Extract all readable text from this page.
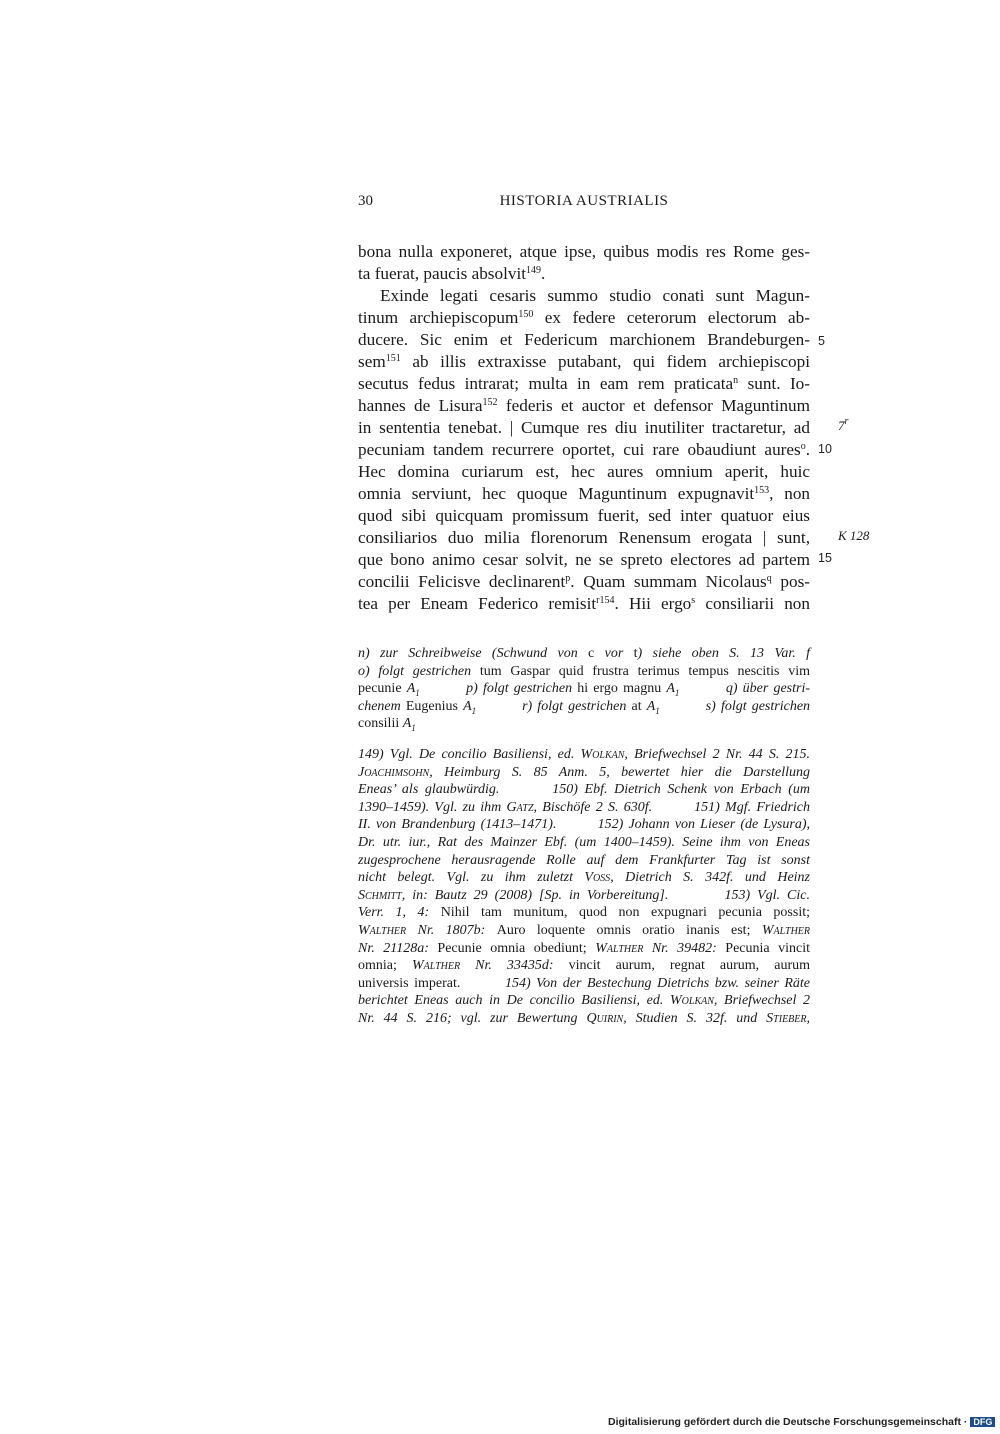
30	HISTORIA AUSTRIALIS
bona nulla exponeret, atque ipse, quibus modis res Rome ges-
ta fuerat, paucis absolvit$^{149}$.
Exinde legati cesaris summo studio conati sunt Magun-
tinum archiepiscopum$^{150}$ ex federe ceterorum electorum ab-
ducere. Sic enim et Federicum marchionem Brandeburgen-
sem$^{151}$ ab illis extraxisse putabant, qui fidem archiepiscopi
secutus fedus intrarat; multa in eam rem praticata$^n$ sunt. Io-
hannes de Lisura$^{152}$ federis et auctor et defensor Maguntinum
in sententia tenebat. | Cumque res diu inutiliter tractaretur, ad
pecuniam tandem recurrere oportet, cui rare obaudiunt aures$^o$.
Hec domina curiarum est, hec aures omnium aperit, huic
omnia serviunt, hec quoque Maguntinum expugnavit$^{153}$, non
quod sibi quicquam promissum fuerit, sed inter quatuor eius
consiliarios duo milia florenorum Renensum erogata | sunt,
que bono animo cesar solvit, ne se spreto electores ad partem
concilii Felicisve declinarent$^p$. Quam summam Nicolaus$^q$ pos-
tea per Eneam Federico remisit$^{r154}$. Hii ergo$^s$ consiliarii non
5
10
15
7$^r$
K 128
n) zur Schreibweise (Schwund von c vor t) siehe oben S. 13 Var. f
o) folgt gestrichen tum Gaspar quid frustra terimus tempus nescitis vim
pecunie $A_1$	p) folgt gestrichen hi ergo magnu $A_1$	q) über gestri-
chenem Eugenius $A_1$	r) folgt gestrichen at $A_1$	s) folgt gestrichen
consilii $A_1$
149) Vgl. De concilio Basiliensi, ed. Wolkan, Briefwechsel 2 Nr. 44 S. 215.
Joachimsohn, Heimburg S. 85 Anm. 5, bewertet hier die Darstellung
Eneas’ als glaubwürdig.	150) Ebf. Dietrich Schenk von Erbach (um
1390–1459). Vgl. zu ihm Gatz, Bischöfe 2 S. 630f.	151) Mgf. Friedrich
II. von Brandenburg (1413–1471).	152) Johann von Lieser (de Lysura),
Dr. utr. iur., Rat des Mainzer Ebf. (um 1400–1459). Seine ihm von Eneas
zugesprochene herausragende Rolle auf dem Frankfurter Tag ist sonst
nicht belegt. Vgl. zu ihm zuletzt Voss, Dietrich S. 342f. und Heinz
Schmitt, in: Bautz 29 (2008) [Sp. in Vorbereitung].	153) Vgl. Cic.
Verr. 1, 4: Nihil tam munitum, quod non expugnari pecunia possit;
Walther Nr. 1807b: Auro loquente omnis oratio inanis est; Walther
Nr. 21128a: Pecunie omnia obediunt; Walther Nr. 39482: Pecunia vincit
omnia; Walther Nr. 33435d: vincit aurum, regnat aurum, aurum
universis imperat.	154) Von der Bestechung Dietrichs bzw. seiner Räte
berichtet Eneas auch in De concilio Basiliensi, ed. Wolkan, Briefwechsel 2
Nr. 44 S. 216; vgl. zur Bewertung Quirin, Studien S. 32f. und Stieber,
Digitalisierung gefördert durch die Deutsche Forschungsgemeinschaft · DFG
